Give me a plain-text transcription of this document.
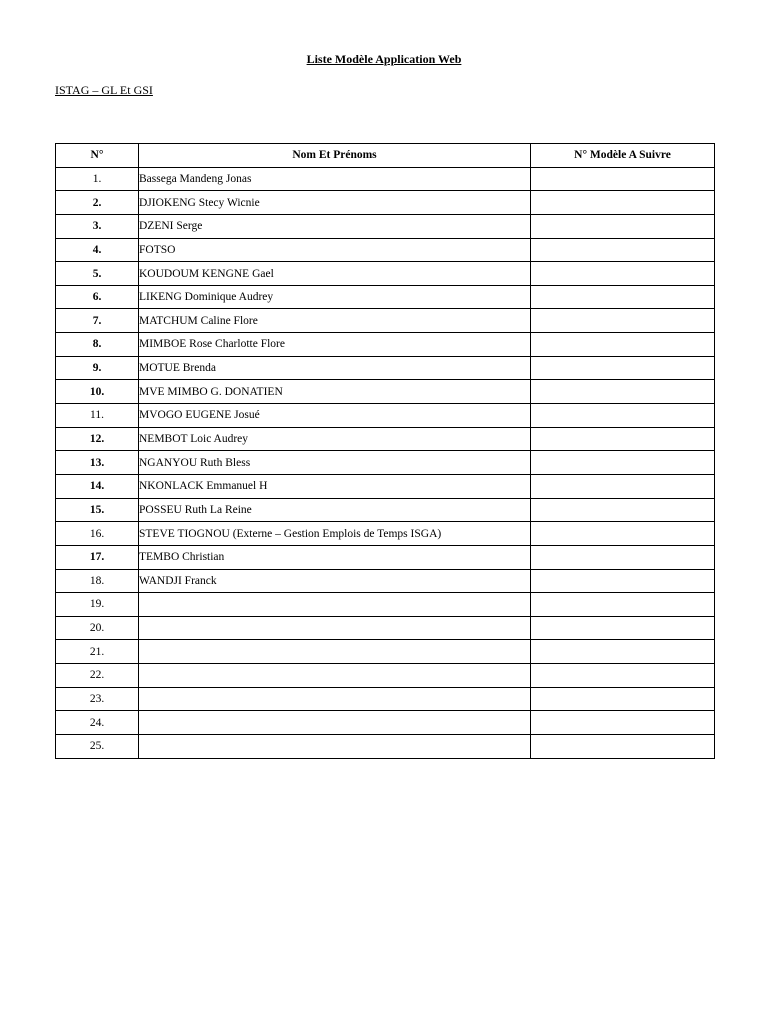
Liste Modèle Application Web
ISTAG – GL Et GSI
N°	Nom Et Prénoms	N° Modèle A Suivre
1.	Bassega Mandeng Jonas	
2.	DJIOKENG Stecy Wicnie	
3.	DZENI Serge	
4.	FOTSO	
5.	KOUDOUM KENGNE Gael	
6.	LIKENG Dominique Audrey	
7.	MATCHUM Caline Flore	
8.	MIMBOE Rose Charlotte Flore	
9.	MOTUE Brenda	
10.	MVE MIMBO G. DONATIEN	
11.	MVOGO EUGENE Josué	
12.	NEMBOT Loic Audrey	
13.	NGANYOU Ruth Bless	
14.	NKONLACK Emmanuel H	
15.	POSSEU Ruth La Reine	
16.	STEVE TIOGNOU (Externe – Gestion Emplois de Temps ISGA)	
17.	TEMBO Christian	
18.	WANDJI Franck	
19.		
20.		
21.		
22.		
23.		
24.		
25.		
